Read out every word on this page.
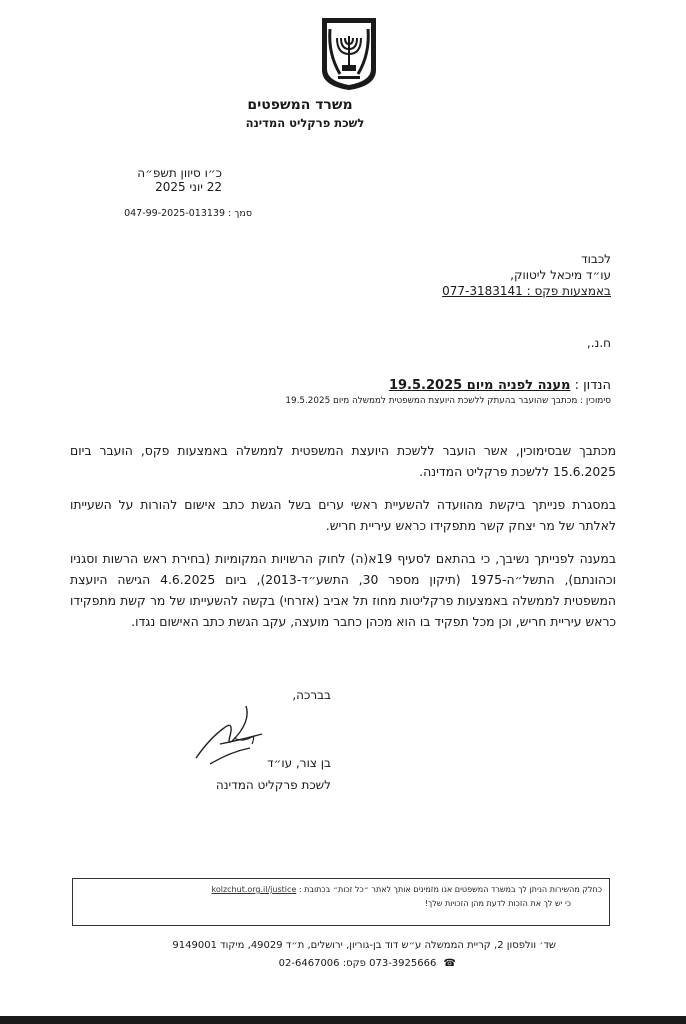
משרד המשפטים
לשכת פרקליט המדינה
כ״ו סיוון תשפ״ה
22 יוני 2025
סמך : 047-99-2025-013139
לכבוד
עו״ד מיכאל ליטווק,
באמצעות פקס : 077-3183141
ח.נ.,
הנדון : מענה לפניה מיום 19.5.2025
סימוכין : מכתבך שהועבר בהעתק ללשכת היועצת המשפטית לממשלה מיום 19.5.2025
מכתבך שבסימוכין, אשר הועבר ללשכת היועצת המשפטית לממשלה באמצעות פקס, הועבר ביום 15.6.2025 ללשכת פרקליט המדינה.
במסגרת פנייתך ביקשת מהוועדה להשעיית ראשי ערים בשל הגשת כתב אישום להורות על השעייתו לאלתר של מר יצחק קשר מתפקידו כראש עיריית חריש.
במענה לפנייתך נשיבך, כי בהתאם לסעיף 19א(ה) לחוק הרשויות המקומיות (בחירת ראש הרשות וסגניו וכהונתם), התשל״ה-1975 (תיקון מספר 30, התשע״ד-2013), ביום 4.6.2025 הגישה היועצת המשפטית לממשלה באמצעות פרקליטות מחוז תל אביב (אזרחי) בקשה להשעייתו של מר קשת מתפקידו כראש עיריית חריש, וכן מכל תפקיד בו הוא מכהן כחבר מועצה, עקב הגשת כתב האישום נגדו.
בברכה,
בן צור, עו״ד
לשכת פרקליט המדינה
כחלק מהשירות הניתן לך במשרד המשפטים אנו מזמינים אותך לאתר ״כל זכות״ בכתובת : kolzchut.org.il/justice
כי יש לך את הזכות לדעת מהן הזכויות שלך!
שד׳ וולפסון 2, קריית הממשלה ע״ש דוד בן-גוריון, ירושלים, ת״ד 49029, מיקוד 9149001
☎ 073-3925666 פקס: 02-6467006
